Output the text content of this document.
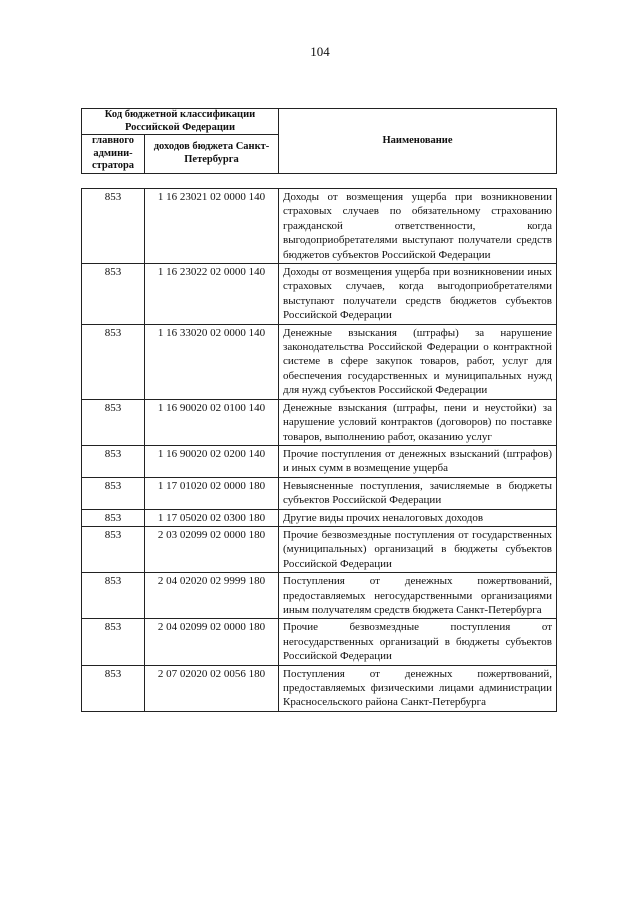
104
Код бюджетной классификации Российской Федерации		Наименование
главного админи-стратора	доходов бюджета Санкт-Петербурга	
853	1 16 23021 02 0000 140	Доходы от возмещения ущерба при возникновении страховых случаев по обязательному страхованию гражданской ответственности, когда выгодоприобретателями выступают получатели средств бюджетов субъектов Российской Федерации
853	1 16 23022 02 0000 140	Доходы от возмещения ущерба при возникновении иных страховых случаев, когда выгодоприобретателями выступают получатели средств бюджетов субъектов Российской Федерации
853	1 16 33020 02 0000 140	Денежные взыскания (штрафы) за нарушение законодательства Российской Федерации о контрактной системе в сфере закупок товаров, работ, услуг для обеспечения государственных и муниципальных нужд для нужд субъектов Российской Федерации
853	1 16 90020 02 0100 140	Денежные взыскания (штрафы, пени и неустойки) за нарушение условий контрактов (договоров) по поставке товаров, выполнению работ, оказанию услуг
853	1 16 90020 02 0200 140	Прочие поступления от денежных взысканий (штрафов) и иных сумм в возмещение ущерба
853	1 17 01020 02 0000 180	Невыясненные поступления, зачисляемые в бюджеты субъектов Российской Федерации
853	1 17 05020 02 0300 180	Другие виды прочих неналоговых доходов
853	2 03 02099 02 0000 180	Прочие безвозмездные поступления от государственных (муниципальных) организаций в бюджеты субъектов Российской Федерации
853	2 04 02020 02 9999 180	Поступления от денежных пожертвований, предоставляемых негосударственными организациями иным получателям средств бюджета Санкт-Петербурга
853	2 04 02099 02 0000 180	Прочие безвозмездные поступления от негосударственных организаций в бюджеты субъектов Российской Федерации
853	2 07 02020 02 0056 180	Поступления от денежных пожертвований, предоставляемых физическими лицами администрации Красносельского района Санкт-Петербурга
